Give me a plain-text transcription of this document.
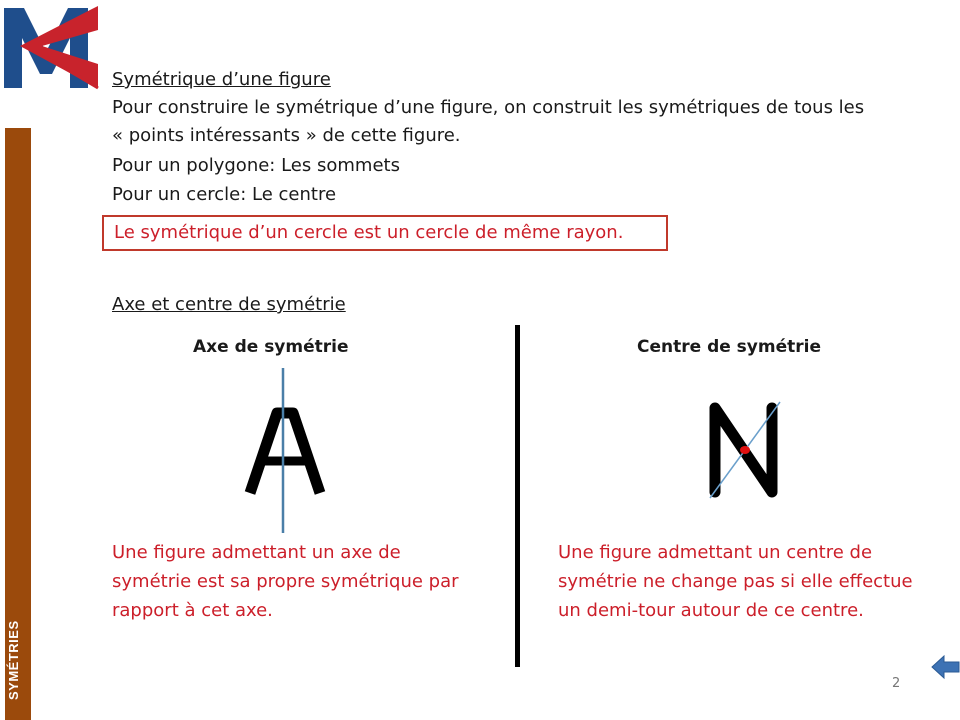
SYMÉTRIES
Symétrique d’une figure
Pour construire le symétrique d’une figure, on construit les symétriques de tous les
« points intéressants » de cette figure.
Pour un polygone: Les sommets
Pour un cercle: Le centre
Le symétrique d’un cercle est un cercle de même rayon.
Axe et centre de symétrie
Axe de symétrie	Centre de symétrie
Une figure admettant un axe de symétrie est sa propre symétrique par rapport à cet axe.
Une figure admettant un centre de symétrie ne change pas si elle effectue un demi-tour autour de ce centre.
2
